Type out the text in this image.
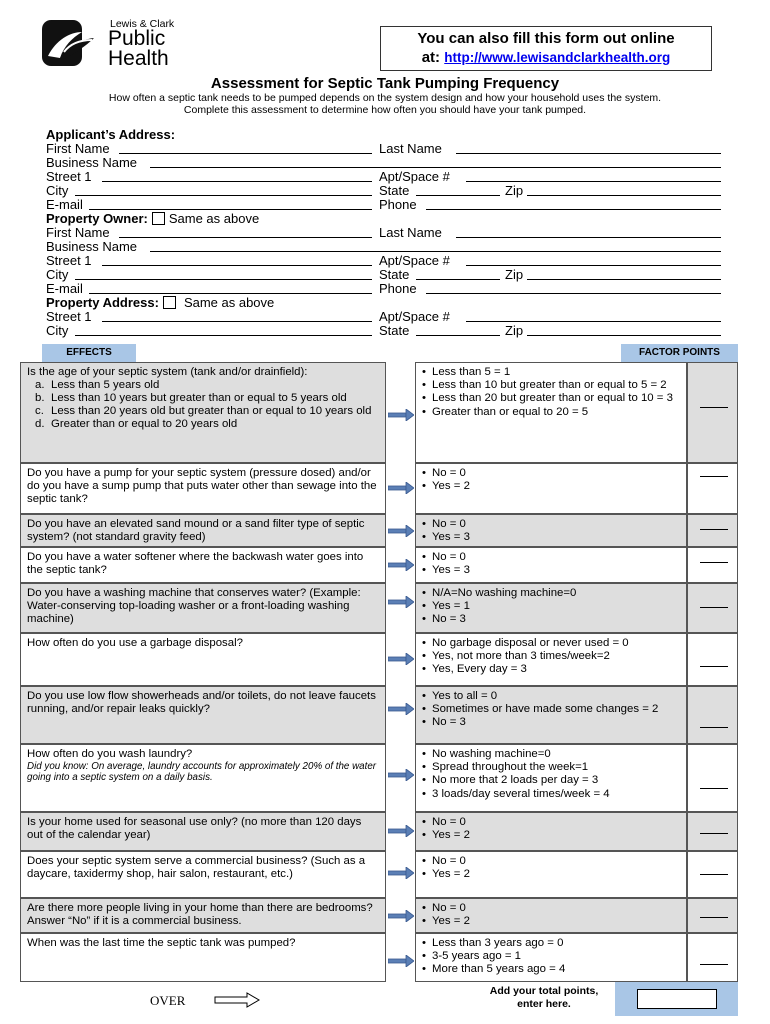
Lewis & Clark
Public
Health
You can also fill this form out online
at: http://www.lewisandclarkhealth.org
Assessment for Septic Tank Pumping Frequency
How often a septic tank needs to be pumped depends on the system design and how your household uses the system.
Complete this assessment to determine how often you should have your tank pumped.
Applicant’s Address:
First Name	Last Name
Business Name
Street 1	Apt/Space #
City	State	Zip
E-mail	Phone
Property Owner: Same as above
First Name	Last Name
Business Name
Street 1	Apt/Space #
City	State	Zip
E-mail	Phone
Property Address: Same as above
Street 1	Apt/Space #
City	State	Zip
EFFECTS	FACTOR POINTS
Is the age of your septic system (tank and/or drainfield):
a. Less than 5 years old
b. Less than 10 years but greater than or equal to 5 years old
c. Less than 20 years old but greater than or equal to 10 years old
d. Greater than or equal to 20 years old
• Less than 5 = 1
• Less than 10 but greater than or equal to 5 = 2
• Less than 20 but greater than or equal to 10 = 3
• Greater than or equal to 20 = 5
Do you have a pump for your septic system (pressure dosed) and/or do you have a sump pump that puts water other than sewage into the septic tank?
• No = 0
• Yes = 2
Do you have an elevated sand mound or a sand filter type of septic system? (not standard gravity feed)
• No = 0
• Yes = 3
Do you have a water softener where the backwash water goes into the septic tank?
• No = 0
• Yes = 3
Do you have a washing machine that conserves water? (Example: Water-conserving top-loading washer or a front-loading washing machine)
• N/A=No washing machine=0
• Yes = 1
• No = 3
How often do you use a garbage disposal?	• No garbage disposal or never used = 0
• Yes, not more than 3 times/week=2
• Yes, Every day = 3
Do you use low flow showerheads and/or toilets, do not leave faucets running, and/or repair leaks quickly?
• Yes to all = 0
• Sometimes or have made some changes = 2
• No = 3
How often do you wash laundry?
Did you know: On average, laundry accounts for approximately 20% of the water going into a septic system on a daily basis.
• No washing machine=0
• Spread throughout the week=1
• No more that 2 loads per day = 3
• 3 loads/day several times/week = 4
Is your home used for seasonal use only? (no more than 120 days out of the calendar year)
• No = 0
• Yes = 2
Does your septic system serve a commercial business? (Such as a daycare, taxidermy shop, hair salon, restaurant, etc.)
• No = 0
• Yes = 2
Are there more people living in your home than there are bedrooms? Answer “No” if it is a commercial business.
• No = 0
• Yes = 2
When was the last time the septic tank was pumped?	• Less than 3 years ago = 0
• 3-5 years ago = 1
• More than 5 years ago = 4
OVER
Add your total points, enter here.
